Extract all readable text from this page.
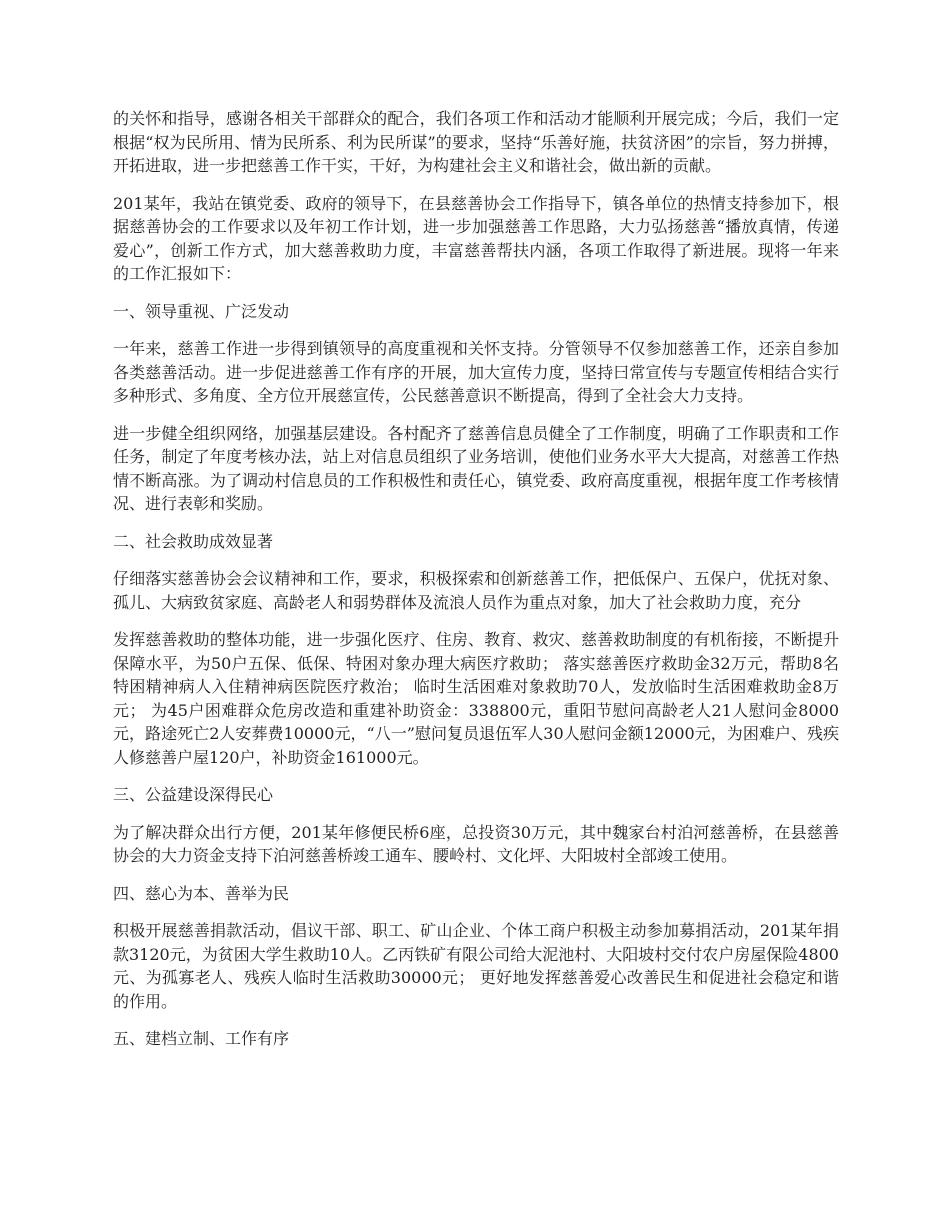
的关怀和指导，感谢各相关干部群众的配合，我们各项工作和活动才能顺利开展完成；今后，我们一定根据“权为民所用、情为民所系、利为民所谋”的要求，坚持“乐善好施，扶贫济困”的宗旨，努力拼搏，开拓进取，进一步把慈善工作干实，干好，为构建社会主义和谐社会，做出新的贡献。

201某年，我站在镇党委、政府的领导下，在县慈善协会工作指导下，镇各单位的热情支持参加下，根据慈善协会的工作要求以及年初工作计划，进一步加强慈善工作思路，大力弘扬慈善“播放真情，传递爱心”，创新工作方式，加大慈善救助力度，丰富慈善帮扶内涵，各项工作取得了新进展。现将一年来的工作汇报如下：

一、领导重视、广泛发动

一年来，慈善工作进一步得到镇领导的高度重视和关怀支持。分管领导不仅参加慈善工作，还亲自参加各类慈善活动。进一步促进慈善工作有序的开展，加大宣传力度，坚持曰常宣传与专题宣传相结合实行多种形式、多角度、全方位开展慈宣传，公民慈善意识不断提高，得到了全社会大力支持。

进一步健全组织网络，加强基层建设。各村配齐了慈善信息员健全了工作制度，明确了工作职责和工作任务，制定了年度考核办法，站上对信息员组织了业务培训，使他们业务水平大大提高，对慈善工作热情不断高涨。为了调动村信息员的工作积极性和责任心，镇党委、政府高度重视，根据年度工作考核情况、进行表彰和奖励。

二、社会救助成效显著

仔细落实慈善协会会议精神和工作，要求，积极探索和创新慈善工作，把低保户、五保户，优抚对象、孤儿、大病致贫家庭、高龄老人和弱势群体及流浪人员作为重点对象，加大了社会救助力度，充分

发挥慈善救助的整体功能，进一步强化医疗、住房、教育、救灾、慈善救助制度的有机衔接，不断提升保障水平，为50户五保、低保、特困对象办理大病医疗救助； 落实慈善医疗救助金32万元，帮助8名特困精神病人入住精神病医院医疗救治； 临时生活困难对象救助70人，发放临时生活困难救助金8万元； 为45户困难群众危房改造和重建补助资金：338800元，重阳节慰问高龄老人21人慰问金8000元，路途死亡2人安葬费10000元，“八一”慰问复员退伍军人30人慰问金额12000元，为困难户、残疾人修慈善户屋120户，补助资金161000元。

三、公益建设深得民心

为了解决群众出行方便，201某年修便民桥6座，总投资30万元，其中魏家台村泊河慈善桥，在县慈善协会的大力资金支持下泊河慈善桥竣工通车、腰岭村、文化坪、大阳坡村全部竣工使用。

四、慈心为本、善举为民

积极开展慈善捐款活动，倡议干部、职工、矿山企业、个体工商户积极主动参加募捐活动，201某年捐款3120元，为贫困大学生救助10人。乙丙铁矿有限公司给大泥池村、大阳坡村交付农户房屋保险4800元、为孤寡老人、残疾人临时生活救助30000元； 更好地发挥慈善爱心改善民生和促进社会稳定和谐的作用。

五、建档立制、工作有序
